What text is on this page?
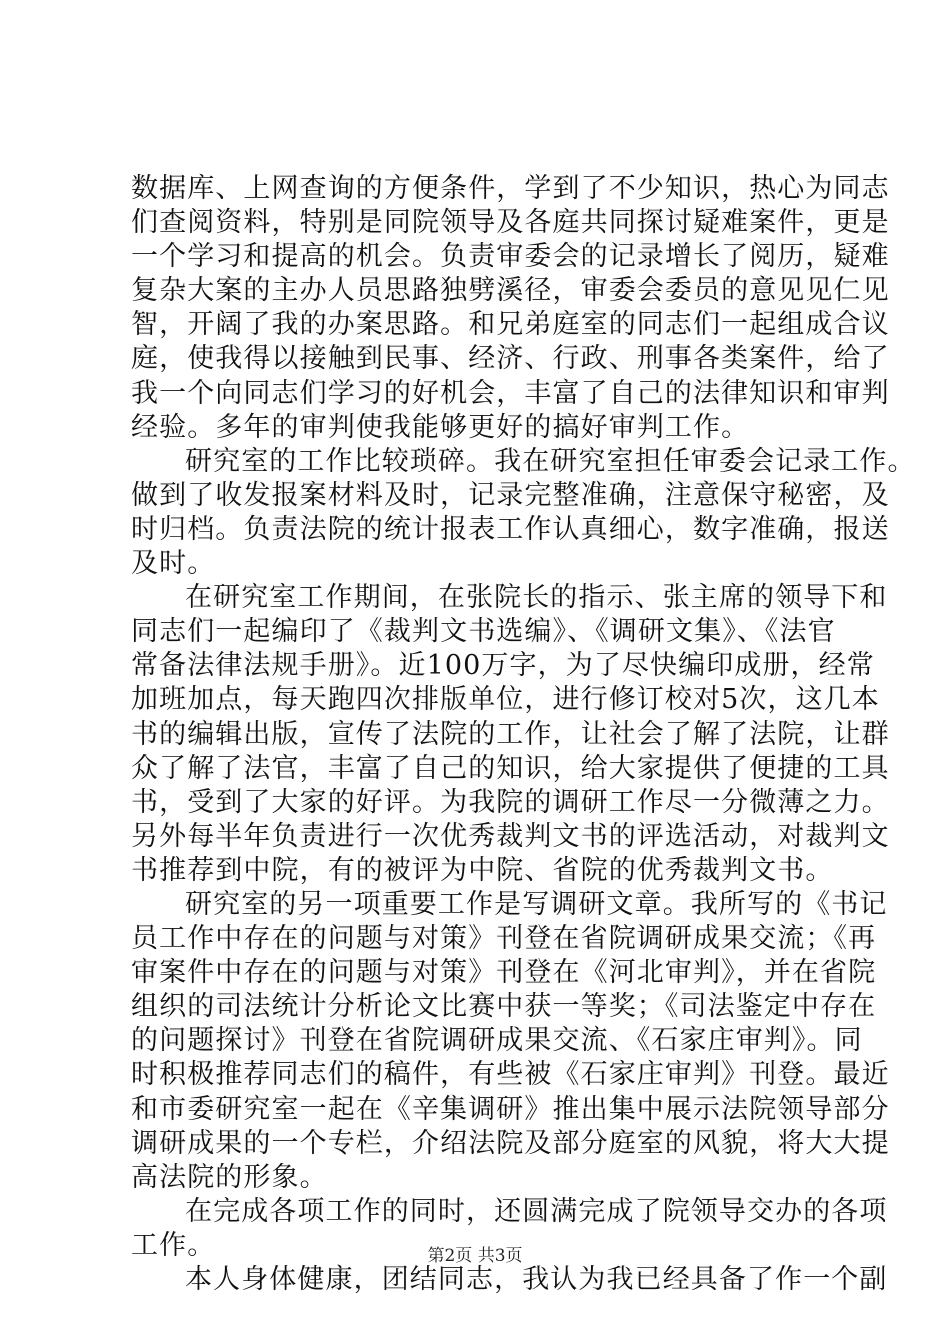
数据库、上网查询的方便条件，学到了不少知识，热心为同志
们查阅资料，特别是同院领导及各庭共同探讨疑难案件，更是
一个学习和提高的机会。负责审委会的记录增长了阅历，疑难
复杂大案的主办人员思路独劈溪径，审委会委员的意见见仁见
智，开阔了我的办案思路。和兄弟庭室的同志们一起组成合议
庭，使我得以接触到民事、经济、行政、刑事各类案件，给了
我一个向同志们学习的好机会，丰富了自己的法律知识和审判
经验。多年的审判使我能够更好的搞好审判工作。
研究室的工作比较琐碎。我在研究室担任审委会记录工作。
做到了收发报案材料及时，记录完整准确，注意保守秘密，及
时归档。负责法院的统计报表工作认真细心，数字准确，报送
及时。
在研究室工作期间，在张院长的指示、张主席的领导下和
同志们一起编印了《裁判文书选编》、《调研文集》、《法官
常备法律法规手册》。近100万字，为了尽快编印成册，经常
加班加点，每天跑四次排版单位，进行修订校对5次，这几本
书的编辑出版，宣传了法院的工作，让社会了解了法院，让群
众了解了法官，丰富了自己的知识，给大家提供了便捷的工具
书，受到了大家的好评。为我院的调研工作尽一分微薄之力。
另外每半年负责进行一次优秀裁判文书的评选活动，对裁判文
书推荐到中院，有的被评为中院、省院的优秀裁判文书。
研究室的另一项重要工作是写调研文章。我所写的《书记
员工作中存在的问题与对策》刊登在省院调研成果交流；《再
审案件中存在的问题与对策》刊登在《河北审判》，并在省院
组织的司法统计分析论文比赛中获一等奖；《司法鉴定中存在
的问题探讨》刊登在省院调研成果交流、《石家庄审判》。同
时积极推荐同志们的稿件，有些被《石家庄审判》刊登。最近
和市委研究室一起在《辛集调研》推出集中展示法院领导部分
调研成果的一个专栏，介绍法院及部分庭室的风貌，将大大提
高法院的形象。
在完成各项工作的同时，还圆满完成了院领导交办的各项
工作。
本人身体健康，团结同志，我认为我已经具备了作一个副
第2页 共3页
